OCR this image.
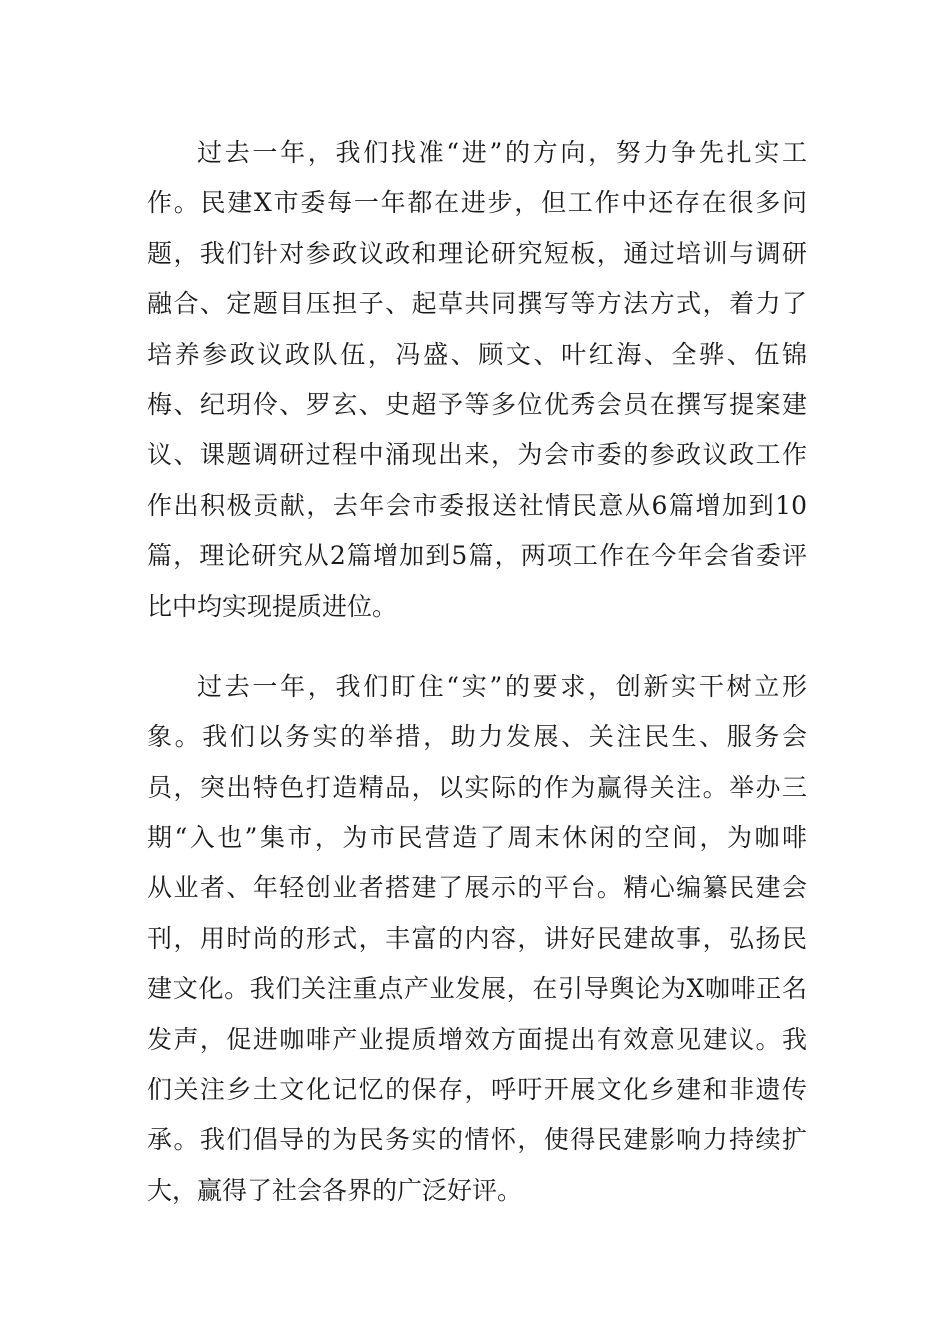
过去一年，我们找准“进”的方向，努力争先扎实工
作。民建X市委每一年都在进步，但工作中还存在很多问
题，我们针对参政议政和理论研究短板，通过培训与调研
融合、定题目压担子、起草共同撰写等方法方式，着力了
培养参政议政队伍，冯盛、顾文、叶红海、全骅、伍锦
梅、纪玥伶、罗玄、史超予等多位优秀会员在撰写提案建
议、课题调研过程中涌现出来，为会市委的参政议政工作
作出积极贡献，去年会市委报送社情民意从6篇增加到10
篇，理论研究从2篇增加到5篇，两项工作在今年会省委评
比中均实现提质进位。
过去一年，我们盯住“实”的要求，创新实干树立形
象。我们以务实的举措，助力发展、关注民生、服务会
员，突出特色打造精品，以实际的作为赢得关注。举办三
期“入也”集市，为市民营造了周末休闲的空间，为咖啡
从业者、年轻创业者搭建了展示的平台。精心编纂民建会
刊，用时尚的形式，丰富的内容，讲好民建故事，弘扬民
建文化。我们关注重点产业发展，在引导舆论为X咖啡正名
发声，促进咖啡产业提质增效方面提出有效意见建议。我
们关注乡土文化记忆的保存，呼吁开展文化乡建和非遗传
承。我们倡导的为民务实的情怀，使得民建影响力持续扩
大，赢得了社会各界的广泛好评。
